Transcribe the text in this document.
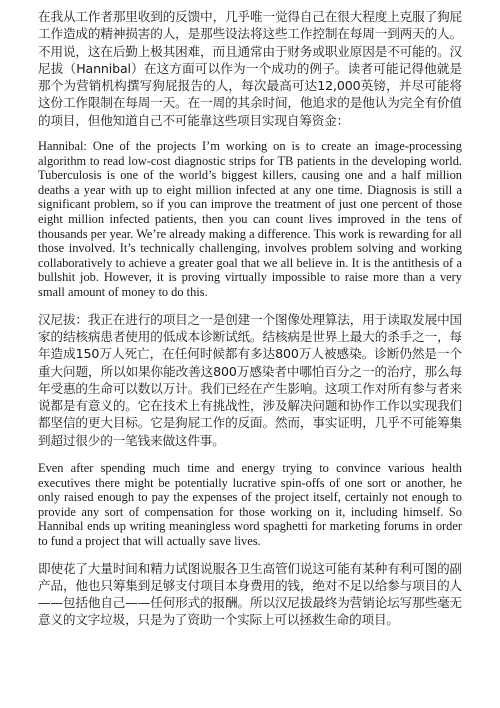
在我从工作者那里收到的反馈中，几乎唯一觉得自己在很大程度上克服了狗屁工作造成的精神损害的人，是那些设法将这些工作控制在每周一到两天的人。不用说，这在后勤上极其困难，而且通常由于财务或职业原因是不可能的。汉尼拔（Hannibal）在这方面可以作为一个成功的例子。读者可能记得他就是那个为营销机构撰写狗屁报告的人，每次最高可达12,000英镑，并尽可能将这份工作限制在每周一天。在一周的其余时间，他追求的是他认为完全有价值的项目，但他知道自己不可能靠这些项目实现自筹资金：

Hannibal: One of the projects I’m working on is to create an image-processing algorithm to read low-cost diagnostic strips for TB patients in the developing world. Tuberculosis is one of the world’s biggest killers, causing one and a half million deaths a year with up to eight million infected at any one time. Diagnosis is still a significant problem, so if you can improve the treatment of just one percent of those eight million infected patients, then you can count lives improved in the tens of thousands per year. We’re already making a difference. This work is rewarding for all those involved. It’s technically challenging, involves problem solving and working collaboratively to achieve a greater goal that we all believe in. It is the antithesis of a bullshit job. However, it is proving virtually impossible to raise more than a very small amount of money to do this.

汉尼拔：我正在进行的项目之一是创建一个图像处理算法，用于读取发展中国家的结核病患者使用的低成本诊断试纸。结核病是世界上最大的杀手之一，每年造成150万人死亡，在任何时候都有多达800万人被感染。诊断仍然是一个重大问题，所以如果你能改善这800万感染者中哪怕百分之一的治疗，那么每年受惠的生命可以数以万计。我们已经在产生影响。这项工作对所有参与者来说都是有意义的。它在技术上有挑战性，涉及解决问题和协作工作以实现我们都坚信的更大目标。它是狗屁工作的反面。然而，事实证明，几乎不可能筹集到超过很少的一笔钱来做这件事。

Even after spending much time and energy trying to convince various health executives there might be potentially lucrative spin-offs of one sort or another, he only raised enough to pay the expenses of the project itself, certainly not enough to provide any sort of compensation for those working on it, including himself. So Hannibal ends up writing meaningless word spaghetti for marketing forums in order to fund a project that will actually save lives.

即使花了大量时间和精力试图说服各卫生高管们说这可能有某种有利可图的副产品，他也只筹集到足够支付项目本身费用的钱，绝对不足以给参与项目的人——包括他自己——任何形式的报酬。所以汉尼拔最终为营销论坛写那些毫无意义的文字垃圾，只是为了资助一个实际上可以拯救生命的项目。
